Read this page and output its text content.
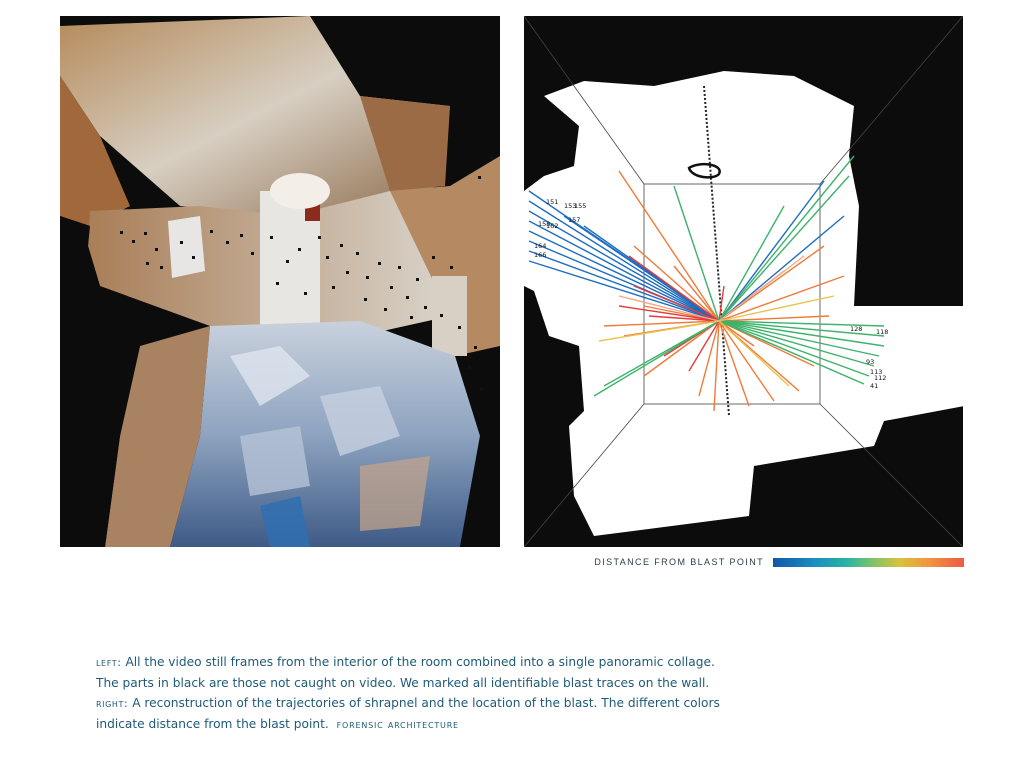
151 153
155
157
158
162
164
166
93
113
112
41
118
128
DISTANCE FROM BLAST POINT

left: All the video still frames from the interior of the room combined into a single panoramic collage. The parts in black are those not caught on video. We marked all identifiable blast traces on the wall. right: A reconstruction of the trajectories of shrapnel and the location of the blast. The different colors indicate distance from the blast point. forensic architecture
